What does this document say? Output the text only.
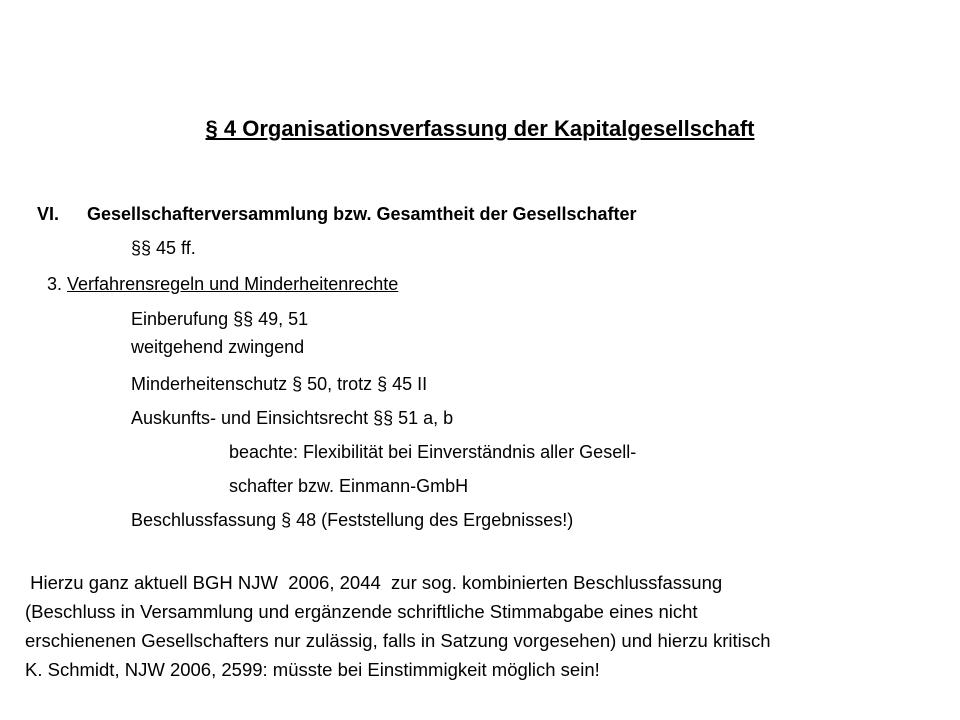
§ 4 Organisationsverfassung der Kapitalgesellschaft
VI. Gesellschafterversammlung bzw. Gesamtheit der Gesellschafter
§§ 45 ff.
3. Verfahrensregeln und Minderheitenrechte
Einberufung §§ 49, 51
weitgehend zwingend
Minderheitenschutz § 50, trotz § 45 II
Auskunfts- und Einsichtsrecht §§ 51 a, b
beachte: Flexibilität bei Einverständnis aller Gesell-
schafter bzw. Einmann-GmbH
Beschlussfassung § 48 (Feststellung des Ergebnisses!)
Hierzu ganz aktuell BGH NJW  2006, 2044  zur sog. kombinierten Beschlussfassung
(Beschluss in Versammlung und ergänzende schriftliche Stimmabgabe eines nicht
erschienenen Gesellschafters nur zulässig, falls in Satzung vorgesehen) und hierzu kritisch
K. Schmidt, NJW 2006, 2599: müsste bei Einstimmigkeit möglich sein!
